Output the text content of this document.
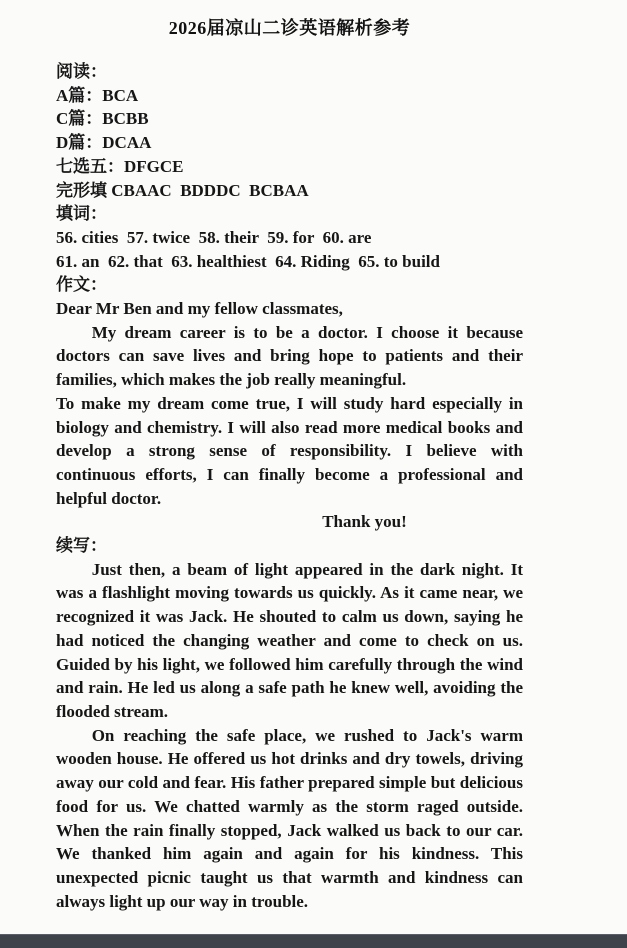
2026届凉山二诊英语解析参考
阅读：
A篇：BCA
C篇：BCBB
D篇：DCAA
七选五：DFGCE
完形填 CBAAC  BDDDC  BCBAA
填词：
56. cities  57. twice  58. their  59. for  60. are
61. an  62. that  63. healthiest  64. Riding  65. to build
作文：
Dear Mr Ben and my fellow classmates,
My dream career is to be a doctor. I choose it because doctors can save lives and bring hope to patients and their families, which makes the job really meaningful.
To make my dream come true, I will study hard especially in biology and chemistry. I will also read more medical books and develop a strong sense of responsibility. I believe with continuous efforts, I can finally become a professional and helpful doctor.
Thank you!
续写：
Just then, a beam of light appeared in the dark night. It was a flashlight moving towards us quickly. As it came near, we recognized it was Jack. He shouted to calm us down, saying he had noticed the changing weather and come to check on us. Guided by his light, we followed him carefully through the wind and rain. He led us along a safe path he knew well, avoiding the flooded stream.
On reaching the safe place, we rushed to Jack's warm wooden house. He offered us hot drinks and dry towels, driving away our cold and fear. His father prepared simple but delicious food for us. We chatted warmly as the storm raged outside. When the rain finally stopped, Jack walked us back to our car. We thanked him again and again for his kindness. This unexpected picnic taught us that warmth and kindness can always light up our way in trouble.
